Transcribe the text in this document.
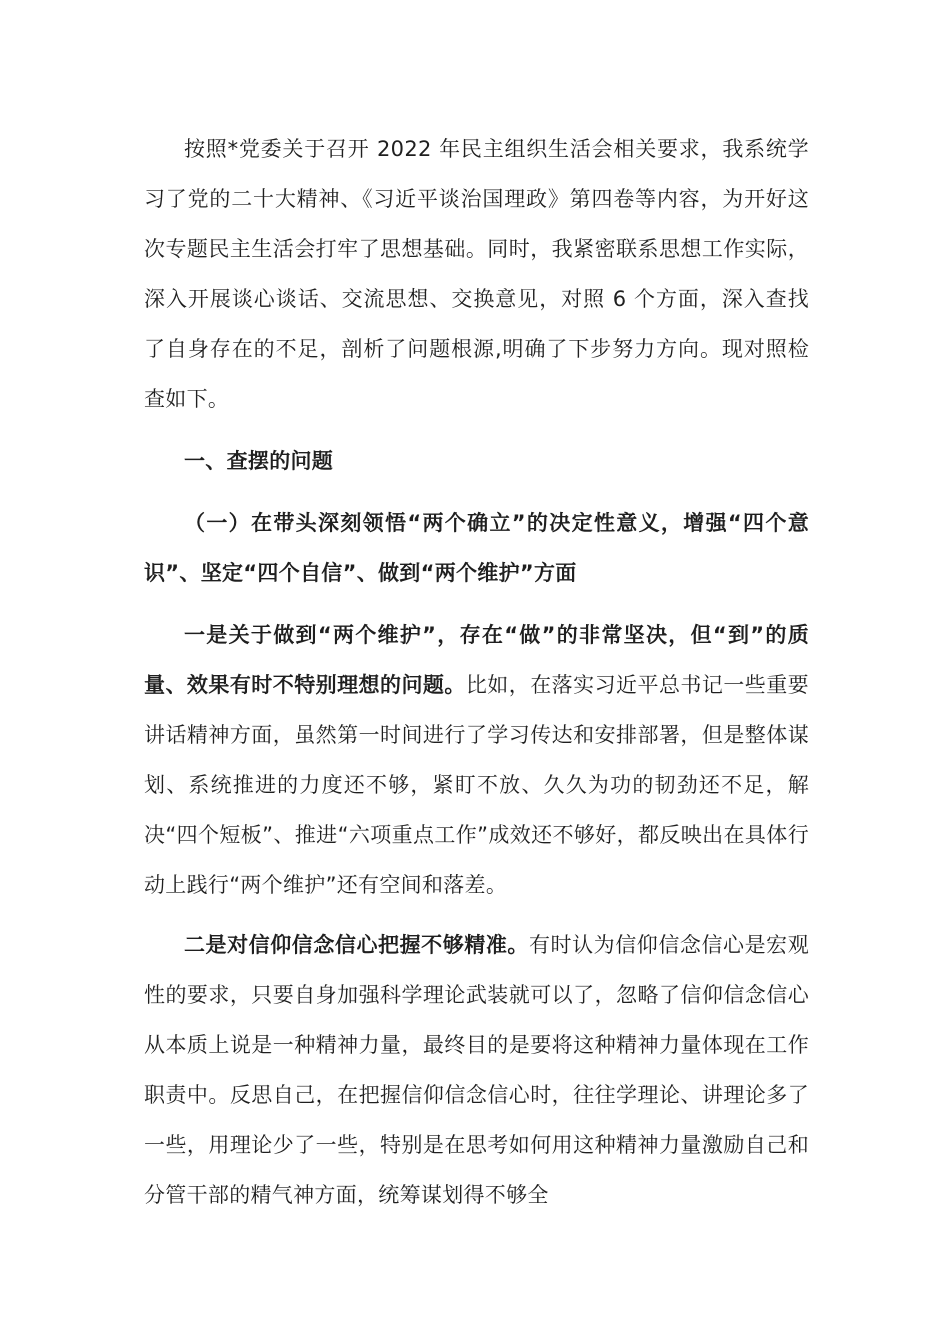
按照*党委关于召开 2022 年民主组织生活会相关要求，我系统学习了党的二十大精神、《习近平谈治国理政》第四卷等内容，为开好这次专题民主生活会打牢了思想基础。同时，我紧密联系思想工作实际，深入开展谈心谈话、交流思想、交换意见，对照 6 个方面，深入查找了自身存在的不足，剖析了问题根源,明确了下步努力方向。现对照检查如下。

一、查摆的问题

（一）在带头深刻领悟“两个确立”的决定性意义，增强“四个意识”、坚定“四个自信”、做到“两个维护”方面

一是关于做到“两个维护”，存在“做”的非常坚决，但“到”的质量、效果有时不特别理想的问题。比如，在落实习近平总书记一些重要讲话精神方面，虽然第一时间进行了学习传达和安排部署，但是整体谋划、系统推进的力度还不够，紧盯不放、久久为功的韧劲还不足，解决“四个短板”、推进“六项重点工作”成效还不够好，都反映出在具体行动上践行“两个维护”还有空间和落差。

二是对信仰信念信心把握不够精准。有时认为信仰信念信心是宏观性的要求，只要自身加强科学理论武装就可以了，忽略了信仰信念信心从本质上说是一种精神力量，最终目的是要将这种精神力量体现在工作职责中。反思自己，在把握信仰信念信心时，往往学理论、讲理论多了一些，用理论少了一些，特别是在思考如何用这种精神力量激励自己和分管干部的精气神方面，统筹谋划得不够全
